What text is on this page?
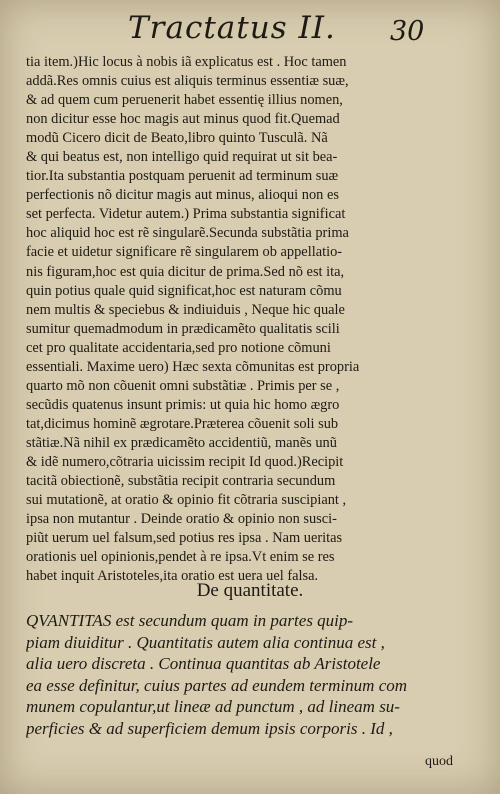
Tractatus II. 30
tia item.)Hic locus à nobis iã explicatus est . Hoc tamen
addã.Res omnis cuius est aliquis terminus essentiæ suæ,
& ad quem cum peruenerit habet essentię illius nomen,
non dicitur esse hoc magis aut minus quod fit.Quemad
modũ Cicero dicit de Beato,libro quinto Tusculã. Nã
& qui beatus est, non intelligo quid requirat ut sit bea-
tior.Ita substantia postquam peruenit ad terminum suæ
perfectionis nõ dicitur magis aut minus, alioqui non es
set perfecta. Videtur autem.) Prima substantia significat
hoc aliquid hoc est rẽ singularẽ.Secunda substãtia prima
facie et uidetur significare rẽ singularem ob appellatio-
nis figuram,hoc est quia dicitur de prima.Sed nõ est ita,
quin potius quale quid significat,hoc est naturam cõmu
nem multis & speciebus & indiuiduis , Neque hic quale
sumitur quemadmodum in prædicamẽto qualitatis scili
cet pro qualitate accidentaria,sed pro notione cõmuni
essentiali. Maxime uero) Hæc sexta cõmunitas est propria
quarto mõ non cõuenit omni substãtiæ . Primis per se ,
secũdis quatenus insunt primis: ut quia hic homo ægro
tat,dicimus hominẽ ægrotare.Præterea cõuenit soli sub
stãtiæ.Nã nihil ex prædicamẽto accidentiũ, manẽs unũ
& idẽ numero,cõtraria uicissim recipit Id quod.)Recipit
tacitã obiectionẽ, substãtia recipit contraria secundum
sui mutationẽ, at oratio & opinio fit cõtraria suscipiant ,
ipsa non mutantur . Deinde oratio & opinio non susci-
piũt uerum uel falsum,sed potius res ipsa . Nam ueritas
orationis uel opinionis,pendet à re ipsa.Vt enim se res
habet inquit Aristoteles,ita oratio est uera uel falsa.
De quantitate.
QVANTITAS est secundum quam in partes quip-
piam diuiditur . Quantitatis autem alia continua est ,
alia uero discreta . Continua quantitas ab Aristotele
ea esse definitur, cuius partes ad eundem terminum com
munem copulantur,ut lineæ ad punctum , ad lineam su-
perficies & ad superficiem demum ipsis corporis . Id ,
quod
